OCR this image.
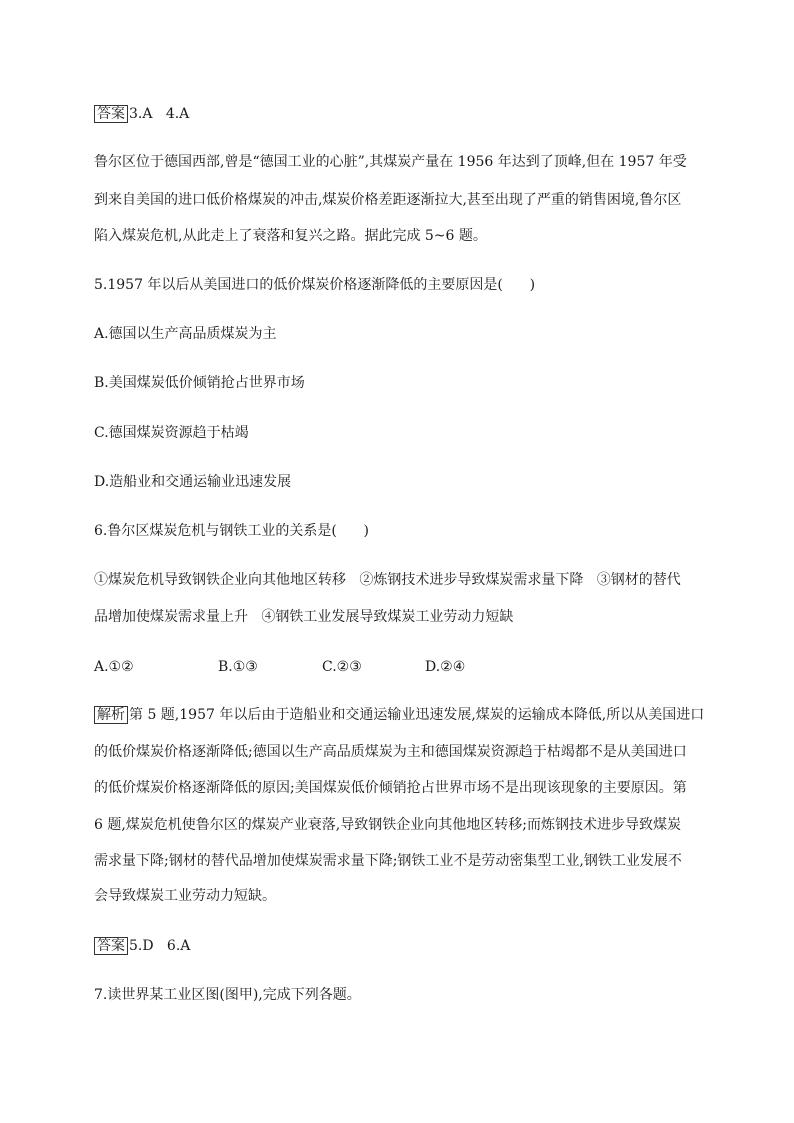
答案 3.A   4.A
鲁尔区位于德国西部,曾是“德国工业的心脏”,其煤炭产量在 1956 年达到了顶峰,但在 1957 年受
到来自美国的进口低价格煤炭的冲击,煤炭价格差距逐渐拉大,甚至出现了严重的销售困境,鲁尔区
陷入煤炭危机,从此走上了衰落和复兴之路。据此完成 5~6 题。
5.1957 年以后从美国进口的低价煤炭价格逐渐降低的主要原因是(      )
A.德国以生产高品质煤炭为主
B.美国煤炭低价倾销抢占世界市场
C.德国煤炭资源趋于枯竭
D.造船业和交通运输业迅速发展
6.鲁尔区煤炭危机与钢铁工业的关系是(      )
①煤炭危机导致钢铁企业向其他地区转移   ②炼钢技术进步导致煤炭需求量下降   ③钢材的替代
品增加使煤炭需求量上升   ④钢铁工业发展导致煤炭工业劳动力短缺
A.①②	B.①③	C.②③	D.②④
解析 第 5 题,1957 年以后由于造船业和交通运输业迅速发展,煤炭的运输成本降低,所以从美国进口
的低价煤炭价格逐渐降低;德国以生产高品质煤炭为主和德国煤炭资源趋于枯竭都不是从美国进口
的低价煤炭价格逐渐降低的原因;美国煤炭低价倾销抢占世界市场不是出现该现象的主要原因。第
6 题,煤炭危机使鲁尔区的煤炭产业衰落,导致钢铁企业向其他地区转移;而炼钢技术进步导致煤炭
需求量下降;钢材的替代品增加使煤炭需求量下降;钢铁工业不是劳动密集型工业,钢铁工业发展不
会导致煤炭工业劳动力短缺。
答案 5.D   6.A
7.读世界某工业区图(图甲),完成下列各题。
